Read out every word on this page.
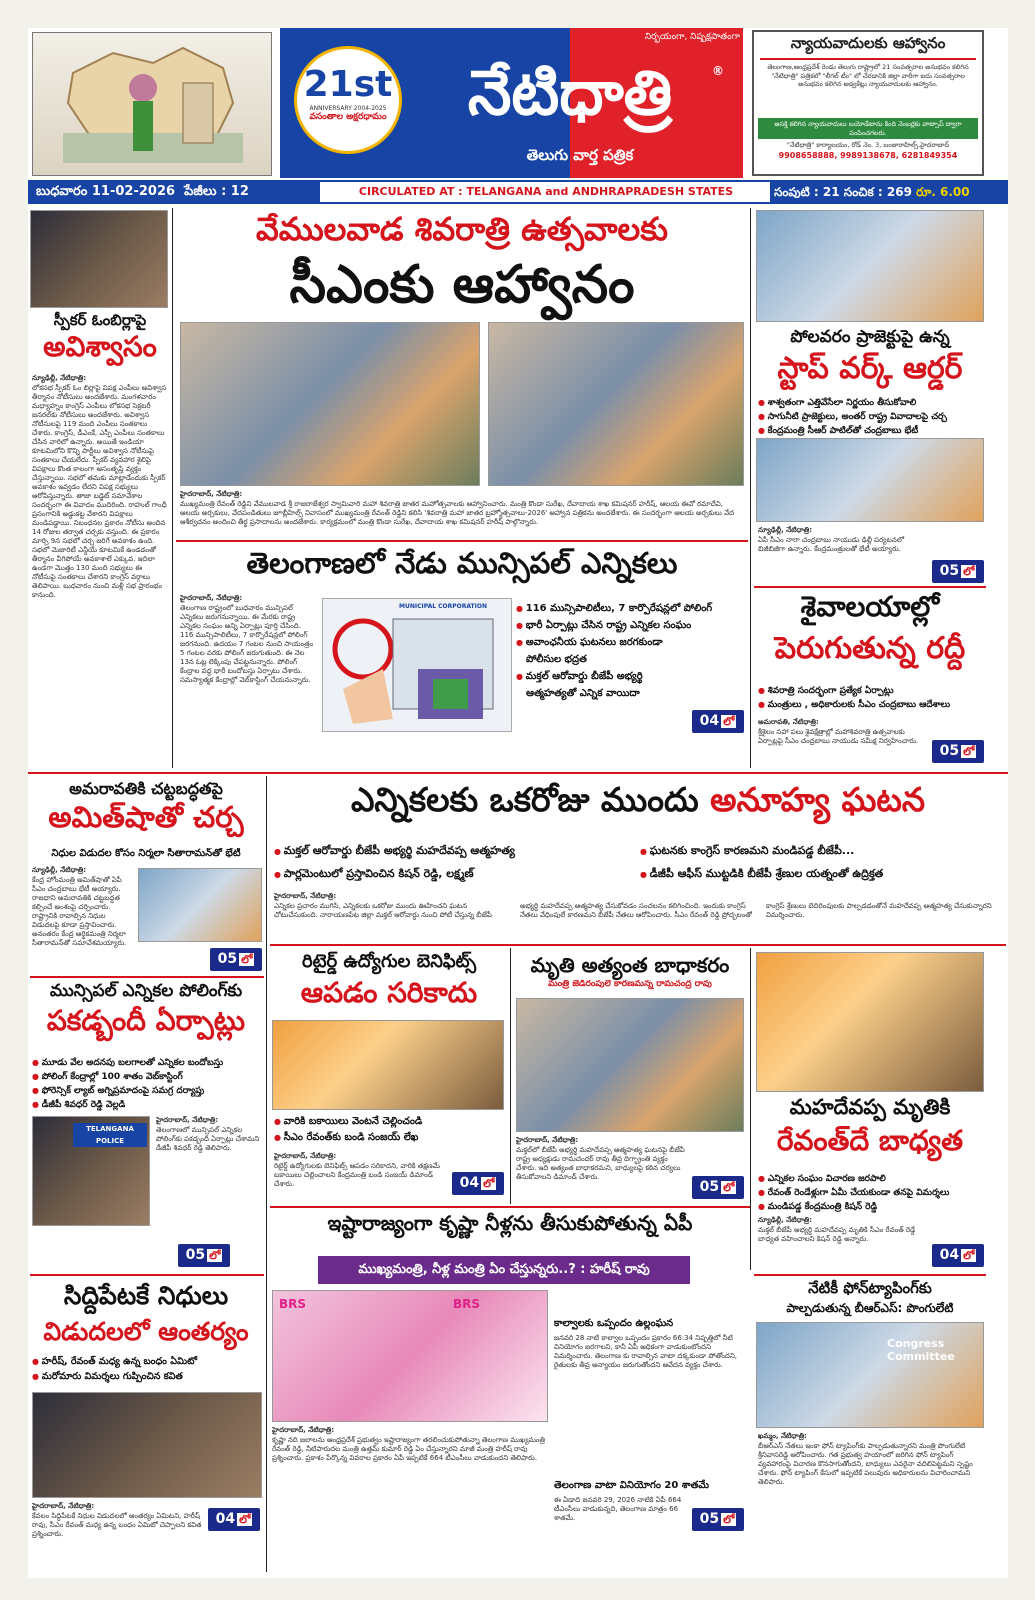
21st
ANNIVERSARY 2004-2025
వసంతాల అక్షరధామం
నిర్భయంగా, నిష్పక్షపాతంగా
నేటిధాత్రి	®
తెలుగు వార్త పత్రిక
న్యాయవాదులకు ఆహ్వానం
తెలంగాణ,ఆంధ్రప్రదేశ్ రెండు తెలుగు రాష్ట్రాలో 21 సంవత్సరాల అనుభవం కలిగిన "నేటిధాత్రి" పత్రికలో "లీగల్ టీం" లో చేరడానికి జిల్లా వారీగా ఐదు సంవత్సరాల అనుభవం కలిగిన అడ్వకేట్లు న్యాయవాదులకు ఆహ్వానం.
ఆసక్తి కలిగిన న్యాయవాదులు బయోడేటాను కింది నెంబర్లకు వాట్సాప్ ద్వారా పంపించగలరు.
"నేటిధాత్రి" కార్యాలయం, రోడ్ నెం. 3, బంజారాహిల్స్,హైదరాబాద్
9908658888, 9989138678, 6281849354
బుధవారం 11-02-2026 పేజీలు : 12	CIRCULATED AT : TELANGANA and ANDHRAPRADESH STATES	సంపుటి : 21 సంచిక : 269 రూ. 6.00
స్పీకర్ ఓంబిర్లాపై
అవిశ్వాసం
న్యూఢిల్లీ, నేటిధాత్రి:
లోకసభ స్పీకర్ ఓం బిర్లాపై విపక్ష ఎంపీలు అవిశ్వాస తీర్మానం నోటీసులు అందజేశారు. మంగళవారం మధ్యాహ్నం కాంగ్రెస్ ఎంపీలు లోకసభ సెక్రటరీ జనరల్‌కు నోటీసులు అందజేశారు. అవిశ్వాస నోటీసులపై 119 మంది ఎంపీలు సంతకాలు చేశారు. కాంగ్రెస్, డీఎంకే, ఎస్పీ ఎంపీలు సంతకాలు చేసిన వారిలో ఉన్నారు. అయితే ఇండియా కూటమిలోని కొన్ని పార్టీలు అవిశ్వాస నోటీసుపై సంతకాలు చేయలేదు. స్పీకర్ వ్యవహార శైలిపై విపక్షాలు కొంత కాలంగా అసంతృప్తి వ్యక్తం చేస్తున్నాయి. సభలో తమకు మాట్లాడేందుకు స్పీకర్ అవకాశం ఇవ్వడం లేదని విపక్ష సభ్యులు ఆరోపిస్తున్నారు. తాజా బడ్జెట్ సమావేశాల సందర్భంగా ఈ వివాదం ముదిరింది. రాహుల్ గాంధీ ప్రసంగానికి అడ్డుకట్ట వేశారని విపక్షాలు మండిపడ్డాయి. నిబంధనల ప్రకారం నోటీసు అందిన 14 రోజుల తర్వాత చర్చకు వస్తుంది. ఈ ప్రకారం మార్చి 9న సభలో చర్చ జరిగే అవకాశం ఉంది. సభలో మెజారిటీ ఎన్డీయే కూటమికే ఉండడంతో తీర్మానం వీగిపోయే అవకాశాలే ఎక్కువ. ఇదిలా ఉండగా మొత్తం 130 మంది సభ్యులు ఈ నోటీసుపై సంతకాలు చేశారని కాంగ్రెస్ వర్గాలు తెలిపాయి. బుధవారం నుంచి మళ్లీ సభ ప్రారంభం కానుంది.
వేములవాడ శివరాత్రి ఉత్సవాలకు
సీఎంకు ఆహ్వానం
హైదరాబాద్, నేటిధాత్రి:
ముఖ్యమంత్రి రేవంత్ రెడ్డిని వేములవాడ శ్రీ రాజరాజేశ్వర స్వామివారి మహా శివరాత్రి జాతర మహోత్సవాలకు ఆహ్వానించారు. మంత్రి కొండా సురేఖ, దేవాదాయ శాఖ కమిషనర్ హరీష్, ఆలయ ఈవో రమాదేవి, ఆలయ అర్చకులు, వేదపండితులు జూబ్లీహిల్స్ నివాసంలో ముఖ్యమంత్రి రేవంత్ రెడ్డిని కలిసి 'శివరాత్రి మహా జాతర బ్రహ్మోత్సవాలు-2026' ఆహ్వాన పత్రికను అందజేశారు. ఈ సందర్భంగా ఆలయ అర్చకులు వేద ఆశీర్వచనం అందించి తీర్థ ప్రసాదాలను అందజేశారు. కార్యక్రమంలో మంత్రి కొండా సురేఖ, దేవాదాయ శాఖ కమిషనర్ హరీష్ పాల్గొన్నారు.
పోలవరం ప్రాజెక్టుపై ఉన్న
స్టాప్ వర్క్ ఆర్డర్
● శాశ్వతంగా ఎత్తివేసేలా నిర్ణయం తీసుకోవాలి
● సాగునీటి ప్రాజెక్టులు, అంతర్ రాష్ట్ర వివాదాలపై చర్చ
● కేంద్రమంత్రి సీఆర్ పాటిల్‌తో చంద్రబాబు భేటీ
న్యూఢిల్లీ, నేటిధాత్రి:
ఏపీ సీఎం నారా చంద్రబాబు నాయుడు ఢిల్లీ పర్యటనలో బిజీబిజీగా ఉన్నారు. కేంద్రమంత్రులతో భేటీ అయ్యారు.
05 లో
తెలంగాణలో నేడు మున్సిపల్ ఎన్నికలు
హైదరాబాద్, నేటిధాత్రి:
తెలంగాణ రాష్ట్రంలో బుధవారం మున్సిపల్ ఎన్నికలు జరుగనున్నాయి. ఈ మేరకు రాష్ట్ర ఎన్నికల సంఘం అన్ని ఏర్పాట్లు పూర్తి చేసింది. 116 మున్సిపాలిటీలు, 7 కార్పొరేషన్లలో పోలింగ్ జరగనుంది. ఉదయం 7 గంటల నుంచి సాయంత్రం 5 గంటల వరకు పోలింగ్ జరుగుతుంది. ఈ నెల 13న ఓట్ల లెక్కింపు చేపట్టనున్నారు. పోలింగ్ కేంద్రాల వద్ద భారీ బందోబస్తు ఏర్పాటు చేశారు. సమస్యాత్మక కేంద్రాల్లో వెబ్‌కాస్టింగ్ చేయనున్నారు.
MUNICIPAL CORPORATION
●	116 మున్సిపాలిటీలు, 7 కార్పొరేషన్లలో పోలింగ్
● భారీ ఏర్పాట్లు చేసిన రాష్ట్ర ఎన్నికల సంఘం
● అవాంఛనీయ ఘటనలు జరగకుండా
పోలీసుల భద్రత
● మక్తల్ ఆరోవార్డు బీజేపీ అభ్యర్థి
ఆత్మహత్యతో ఎన్నిక వాయిదా
04 లో
శైవాలయాల్లో
పెరుగుతున్న రద్దీ
● శివరాత్రి సందర్భంగా ప్రత్యేక ఏర్పాట్లు
● మంత్రులు , అధికారులకు సీఎం చంద్రబాబు ఆదేశాలు
అమరావతి, నేటిధాత్రి:
శ్రీశైలం సహా పలు శైవక్షేత్రాల్లో మహాశివరాత్రి ఉత్సవాలకు ఏర్పాట్లపై సీఎం చంద్రబాబు నాయుడు సమీక్ష నిర్వహించారు.
05 లో
అమరావతికి చట్టబద్ధతపై
అమిత్‌షాతో చర్చ
నిధుల విడుదల కోసం నిర్మలా సీతారామన్‌తో భేటీ
న్యూఢిల్లీ, నేటిధాత్రి:
కేంద్ర హోంమంత్రి అమిత్‌షాతో ఏపీ సీఎం చంద్రబాబు భేటీ అయ్యారు. రాజధాని అమరావతికి చట్టబద్ధత కల్పించే అంశంపై చర్చించారు. రాష్ట్రానికి రావాల్సిన నిధుల విడుదలపై కూడా ప్రస్తావించారు. అనంతరం కేంద్ర ఆర్థికమంత్రి నిర్మలా సీతారామన్‌తో సమావేశమయ్యారు.
05 లో
ఎన్నికలకు ఒకరోజు ముందు అనూహ్య ఘటన
● మక్తల్ ఆరోవార్డు బీజేపీ అభ్యర్థి మహదేవప్ప ఆత్మహత్య
● పార్లమెంటులో ప్రస్తావించిన కిషన్ రెడ్డి, లక్ష్మణ్
● ఘటనకు కాంగ్రెస్ కారణమని మండిపడ్డ బీజేపీ...
● డీజీపీ ఆఫీస్ ముట్టడికి బీజేపీ శ్రేణుల యత్నంతో ఉద్రిక్తత
హైదరాబాద్, నేటిధాత్రి:
ఎన్నికల ప్రచారం ముగిసి, ఎన్నికలకు ఒకరోజు ముందు ఊహించని ఘటన చోటుచేసుకుంది. నారాయణపేట జిల్లా మక్తల్ ఆరోవార్డు నుంచి పోటీ చేస్తున్న బీజేపీ అభ్యర్థి మహదేవప్ప ఆత్మహత్య చేసుకోవడం సంచలనం కలిగించింది. ఇందుకు కాంగ్రెస్ నేతలు వేధింపులే కారణమని బీజేపీ నేతలు ఆరోపించారు. సీఎం రేవంత్ రెడ్డి ప్రోద్బలంతో కాంగ్రెస్ శ్రేణులు బెదిరింపులకు పాల్పడడంతోనే మహదేవప్ప ఆత్మహత్య చేసుకున్నారని విమర్శించారు.
మున్సిపల్ ఎన్నికల పోలింగ్‌కు
పకడ్బందీ ఏర్పాట్లు
● మూడు వేల అదనపు బలగాలతో ఎన్నికల బందోబస్తు
● పోలింగ్ కేంద్రాల్లో 100 శాతం వెబ్‌కాస్టింగ్
● ఫోరెన్సిక్ ల్యాబ్ అగ్నిప్రమాదంపై సమగ్ర దర్యాప్తు
● డీజీపీ శివధర్ రెడ్డి వెల్లడి
TELANGANA POLICE
హైదరాబాద్, నేటిధాత్రి:
తెలంగాణలో మున్సిపల్ ఎన్నికల పోలింగ్‌కు పకడ్బందీ ఏర్పాట్లు చేశామని డీజీపీ శివధర్ రెడ్డి తెలిపారు.
05 లో
రిటైర్డ్ ఉద్యోగుల బెనిఫిట్స్
ఆపడం సరికాదు
● వారికి బకాయిలు వెంటనే చెల్లించండి
● సీఎం రేవంత్‌కు బండి సంజయ్ లేఖ
హైదరాబాద్, నేటిధాత్రి:
రిటైర్డ్ ఉద్యోగులకు బెనిఫిట్స్ ఆపడం సరికాదని, వారికి తక్షణమే బకాయిలు చెల్లించాలని కేంద్రమంత్రి బండి సంజయ్ డిమాండ్ చేశారు.	04 లో
మృతి అత్యంత బాధాకరం
మంత్రి జెడిరంపులే కారణమన్న రామచంద్ర రావు
హైదరాబాద్, నేటిధాత్రి:
మక్తల్‌లో బీజేపీ అభ్యర్థి మహదేవప్ప ఆత్మహత్య ఘటనపై బీజేపీ రాష్ట్ర అధ్యక్షుడు రామచందర్ రావు తీవ్ర దిగ్భ్రాంతి వ్యక్తం చేశారు. ఇది అత్యంత బాధాకరమని, బాధ్యులపై కఠిన చర్యలు తీసుకోవాలని డిమాండ్ చేశారు.
05 లో
మహదేవప్ప మృతికి
రేవంత్‌దే బాధ్యత
● ఎన్నికల సంఘం విచారణ జరపాలి
● రేవంత్ రెండేళ్లుగా ఏమీ చేయకుండా తనపై విమర్శలు
● మండిపడ్డ కేంద్రమంత్రి కిషన్ రెడ్డి
న్యూఢిల్లీ, నేటిధాత్రి:
మక్తల్ బీజేపీ అభ్యర్థి మహదేవప్ప మృతికి సీఎం రేవంత్ రెడ్డే బాధ్యత వహించాలని కిషన్ రెడ్డి అన్నారు.
04 లో
ఇష్టారాజ్యంగా కృష్ణా నీళ్లను తీసుకుపోతున్న ఏపీ
ముఖ్యమంత్రి, నీళ్ల మంత్రి ఏం చేస్తున్నరు..? : హరీష్ రావు
BRS	BRS
హైదరాబాద్, నేటిధాత్రి:
కృష్ణా నది జలాలను ఆంధ్రప్రదేశ్ ప్రభుత్వం ఇష్టారాజ్యంగా తరలించుకుపోతున్నా తెలంగాణ ముఖ్యమంత్రి రేవంత్ రెడ్డి, నీటిపారుదల మంత్రి ఉత్తమ్ కుమార్ రెడ్డి ఏం చేస్తున్నారని మాజీ మంత్రి హరీష్ రావు ప్రశ్నించారు. ప్రకాశం పేర్కొన్న వివరాల ప్రకారం ఏపీ ఇప్పటికే 664 టీఎంసీలు వాడుకుందని తెలిపారు.
కాల్వాలకు ఒప్పందం ఉల్లంఘన
జనవరి 28 నాటి కాల్వాల ఒప్పందం ప్రకారం 66:34 నిష్పత్తిలో నీటి వినియోగం జరగాలని, కానీ ఏపీ అధికంగా వాడుకుంటోందని విమర్శించారు. తెలంగాణ కు రావాల్సిన వాటా దక్కకుండా పోతోందని, రైతులకు తీవ్ర అన్యాయం జరుగుతోందని ఆవేదన వ్యక్తం చేశారు.
తెలంగాణ వాటా వినియోగం 20 శాతమే
ఈ ఏడాది జనవరి 29, 2026 నాటికి ఏపీ 664 టీఎంసీలు వాడుకున్నది, తెలంగాణ మాత్రం 66 శాతమే.	05 లో
సిద్దిపేటకే నిధులు
విడుదలలో ఆంతర్యం
● హరీష్, రేవంత్ మధ్య ఉన్న బంధం ఏమిటో
● మరోమారు విమర్శలు గుప్పించిన కవిత
హైదరాబాద్, నేటిధాత్రి:
కేవలం సిద్దిపేటకే నిధుల విడుదలలో ఆంతర్యం ఏమిటని, హరీష్ రావు, సీఎం రేవంత్ మధ్య ఉన్న బంధం ఏమిటో చెప్పాలని కవిత ప్రశ్నించారు.
04 లో
నేటికీ ఫోన్‌ట్యాపింగ్‌కు
పాల్పడుతున్న బీఆర్ఎస్: పొంగులేటి
Congress Committee
ఖమ్మం, నేటిధాత్రి:
బీఆర్ఎస్ నేతలు ఇంకా ఫోన్ ట్యాపింగ్‌కు పాల్పడుతున్నారని మంత్రి పొంగులేటి శ్రీనివాసరెడ్డి ఆరోపించారు. గత ప్రభుత్వ హయాంలో జరిగిన ఫోన్ ట్యాపింగ్ వ్యవహారంపై విచారణ కొనసాగుతోందని, బాధ్యులు ఎవరైనా వదిలిపెట్టమని స్పష్టం చేశారు. ఫోన్ ట్యాపింగ్ కేసులో ఇప్పటికే పలువురు అధికారులను విచారించామని తెలిపారు.
